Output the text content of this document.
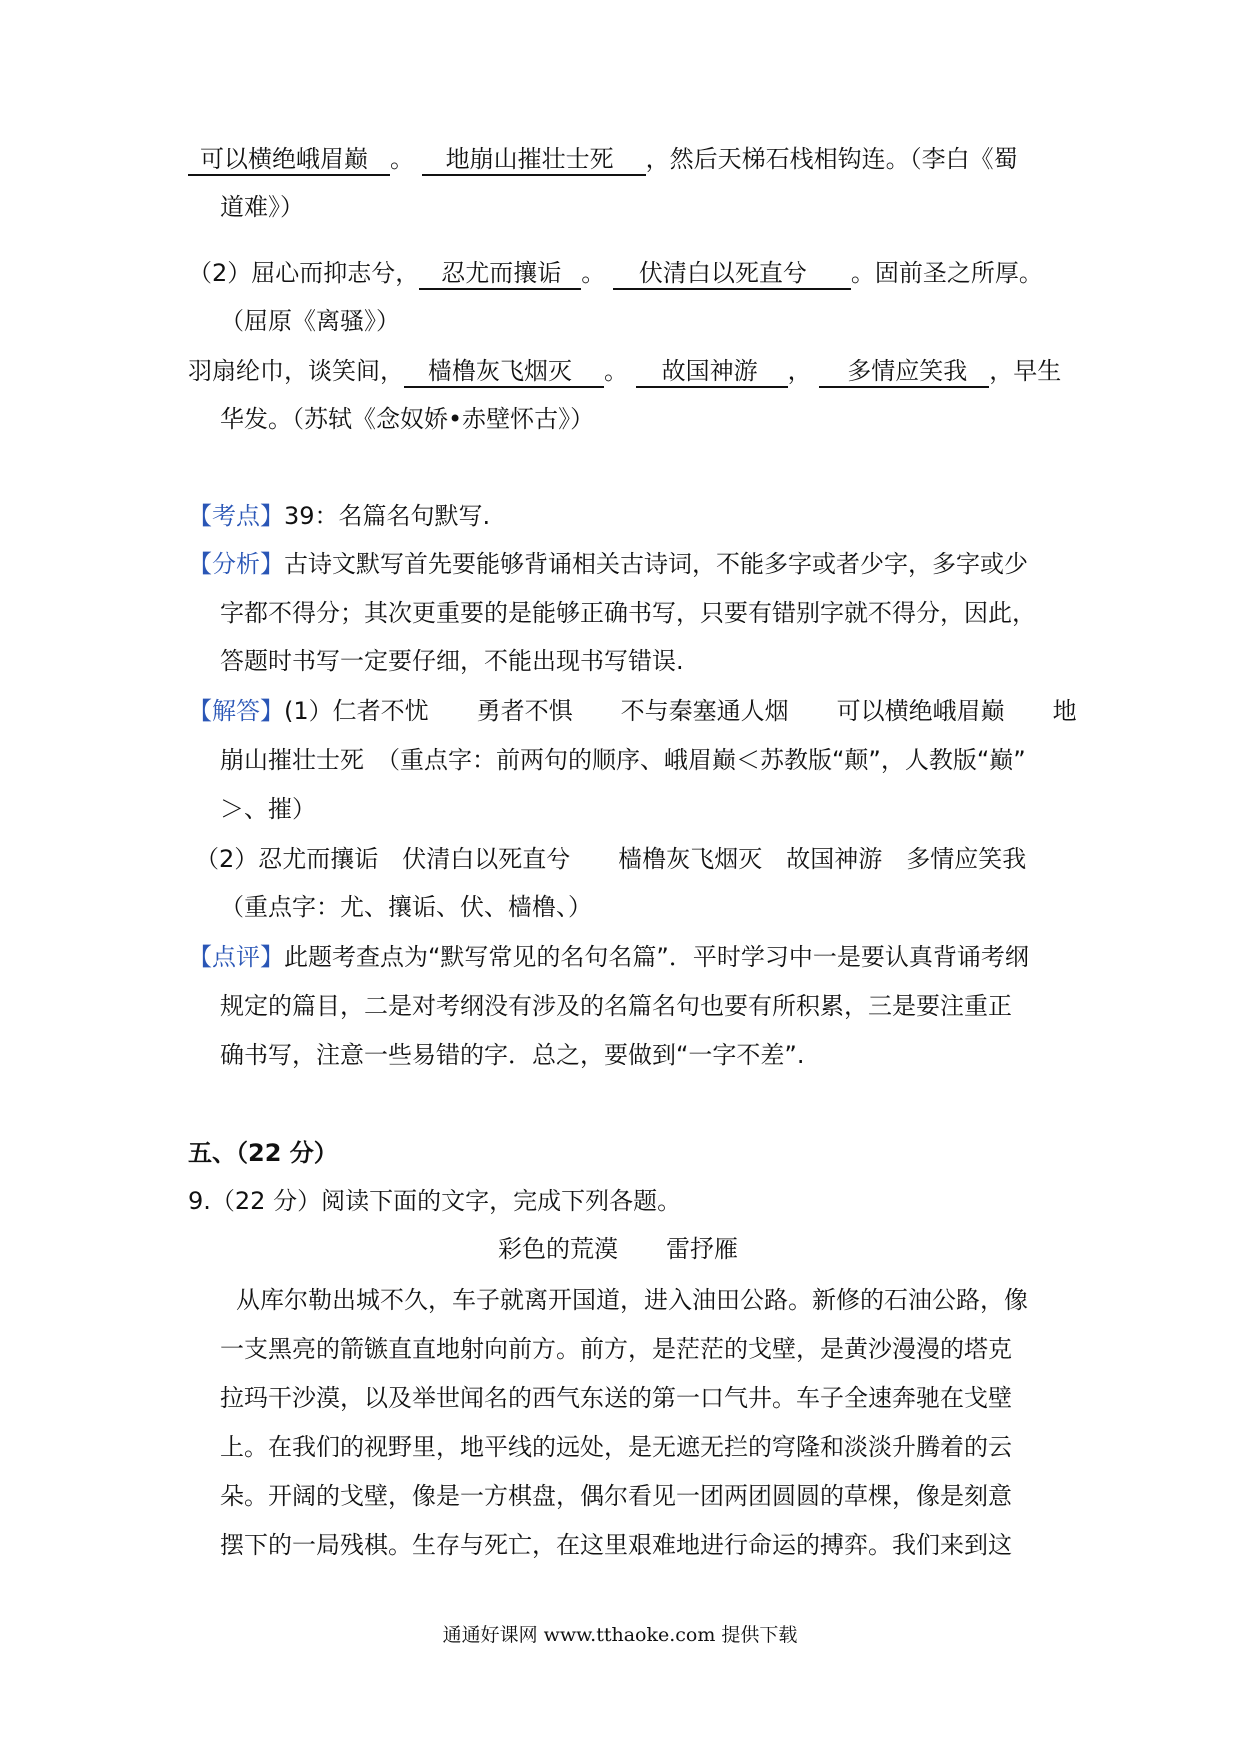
可以横绝峨眉巅 。 地崩山摧壮士死 ，然后天梯石栈相钩连。（李白《蜀
道难》）
（2）屈心而抑志兮， 忍尤而攘诟 。 伏清白以死直兮 。固前圣之所厚。
（屈原《离骚》）
羽扇纶巾，谈笑间， 樯橹灰飞烟灭 。 故国神游 ， 多情应笑我 ，早生
华发。（苏轼《念奴娇•赤壁怀古》）
【考点】39：名篇名句默写.
【分析】古诗文默写首先要能够背诵相关古诗词，不能多字或者少字，多字或少
字都不得分；其次更重要的是能够正确书写，只要有错别字就不得分，因此，
答题时书写一定要仔细，不能出现书写错误.
【解答】(1）仁者不忧　　勇者不惧　　不与秦塞通人烟　　可以横绝峨眉巅　　地
崩山摧壮士死　（重点字：前两句的顺序、峨眉巅＜苏教版“颠”，人教版“巅”
＞、摧）
（2）忍尤而攘诟　伏清白以死直兮　　樯橹灰飞烟灭　故国神游　多情应笑我
（重点字：尤、攘诟、伏、樯橹、）
【点评】此题考查点为“默写常见的名句名篇”．平时学习中一是要认真背诵考纲
规定的篇目，二是对考纲没有涉及的名篇名句也要有所积累，三是要注重正
确书写，注意一些易错的字．总之，要做到“一字不差”.
五、（22 分）
9.（22 分）阅读下面的文字，完成下列各题。
彩色的荒漠　　雷抒雁
从库尔勒出城不久，车子就离开国道，进入油田公路。新修的石油公路，像
一支黑亮的箭镞直直地射向前方。前方，是茫茫的戈壁，是黄沙漫漫的塔克
拉玛干沙漠，以及举世闻名的西气东送的第一口气井。车子全速奔驰在戈壁
上。在我们的视野里，地平线的远处，是无遮无拦的穹隆和淡淡升腾着的云
朵。开阔的戈壁，像是一方棋盘，偶尔看见一团两团圆圆的草棵，像是刻意
摆下的一局残棋。生存与死亡，在这里艰难地进行命运的搏弈。我们来到这
通通好课网 www.tthaoke.com 提供下载
